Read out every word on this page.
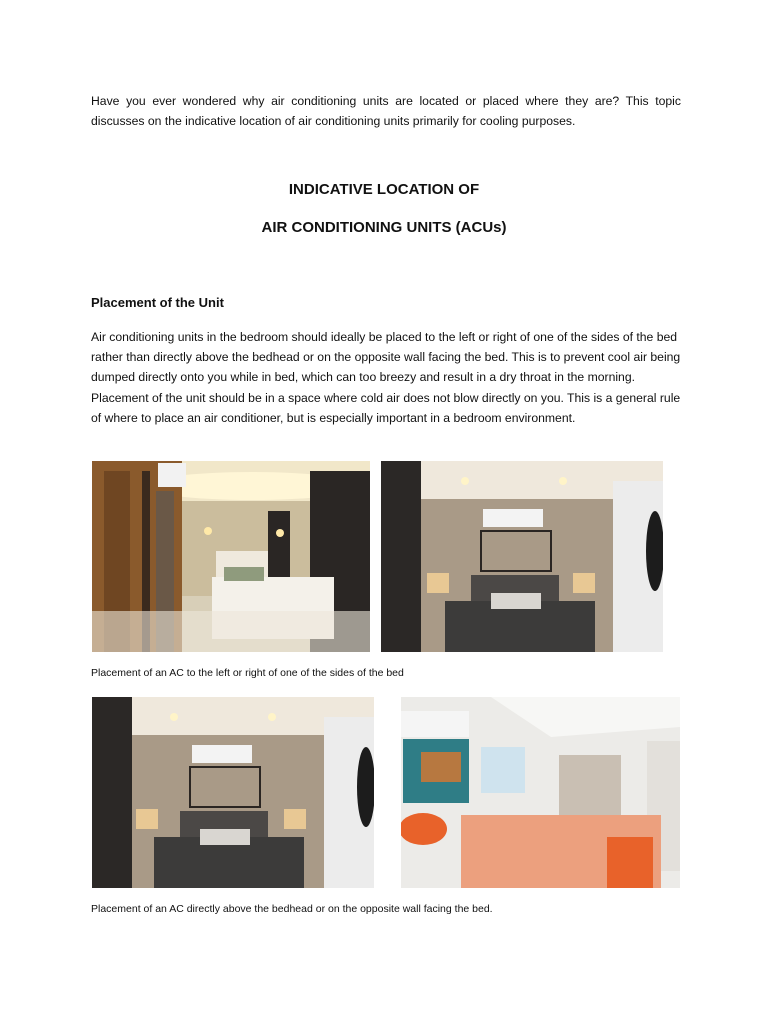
Have you ever wondered why air conditioning units are located or placed where they are? This topic discusses on the indicative location of air conditioning units primarily for cooling purposes.

INDICATIVE LOCATION OF

AIR CONDITIONING UNITS (ACUs)

Placement of the Unit

Air conditioning units in the bedroom should ideally be placed to the left or right of one of the sides of the bed rather than directly above the bedhead or on the opposite wall facing the bed. This is to prevent cool air being dumped directly onto you while in bed, which can too breezy and result in a dry throat in the morning. Placement of the unit should be in a space where cold air does not blow directly on you. This is a general rule of where to place an air conditioner, but is especially important in a bedroom environment.

Placement of an AC to the left or right of one of the sides of the bed

Placement of an AC directly above the bedhead or on the opposite wall facing the bed.
